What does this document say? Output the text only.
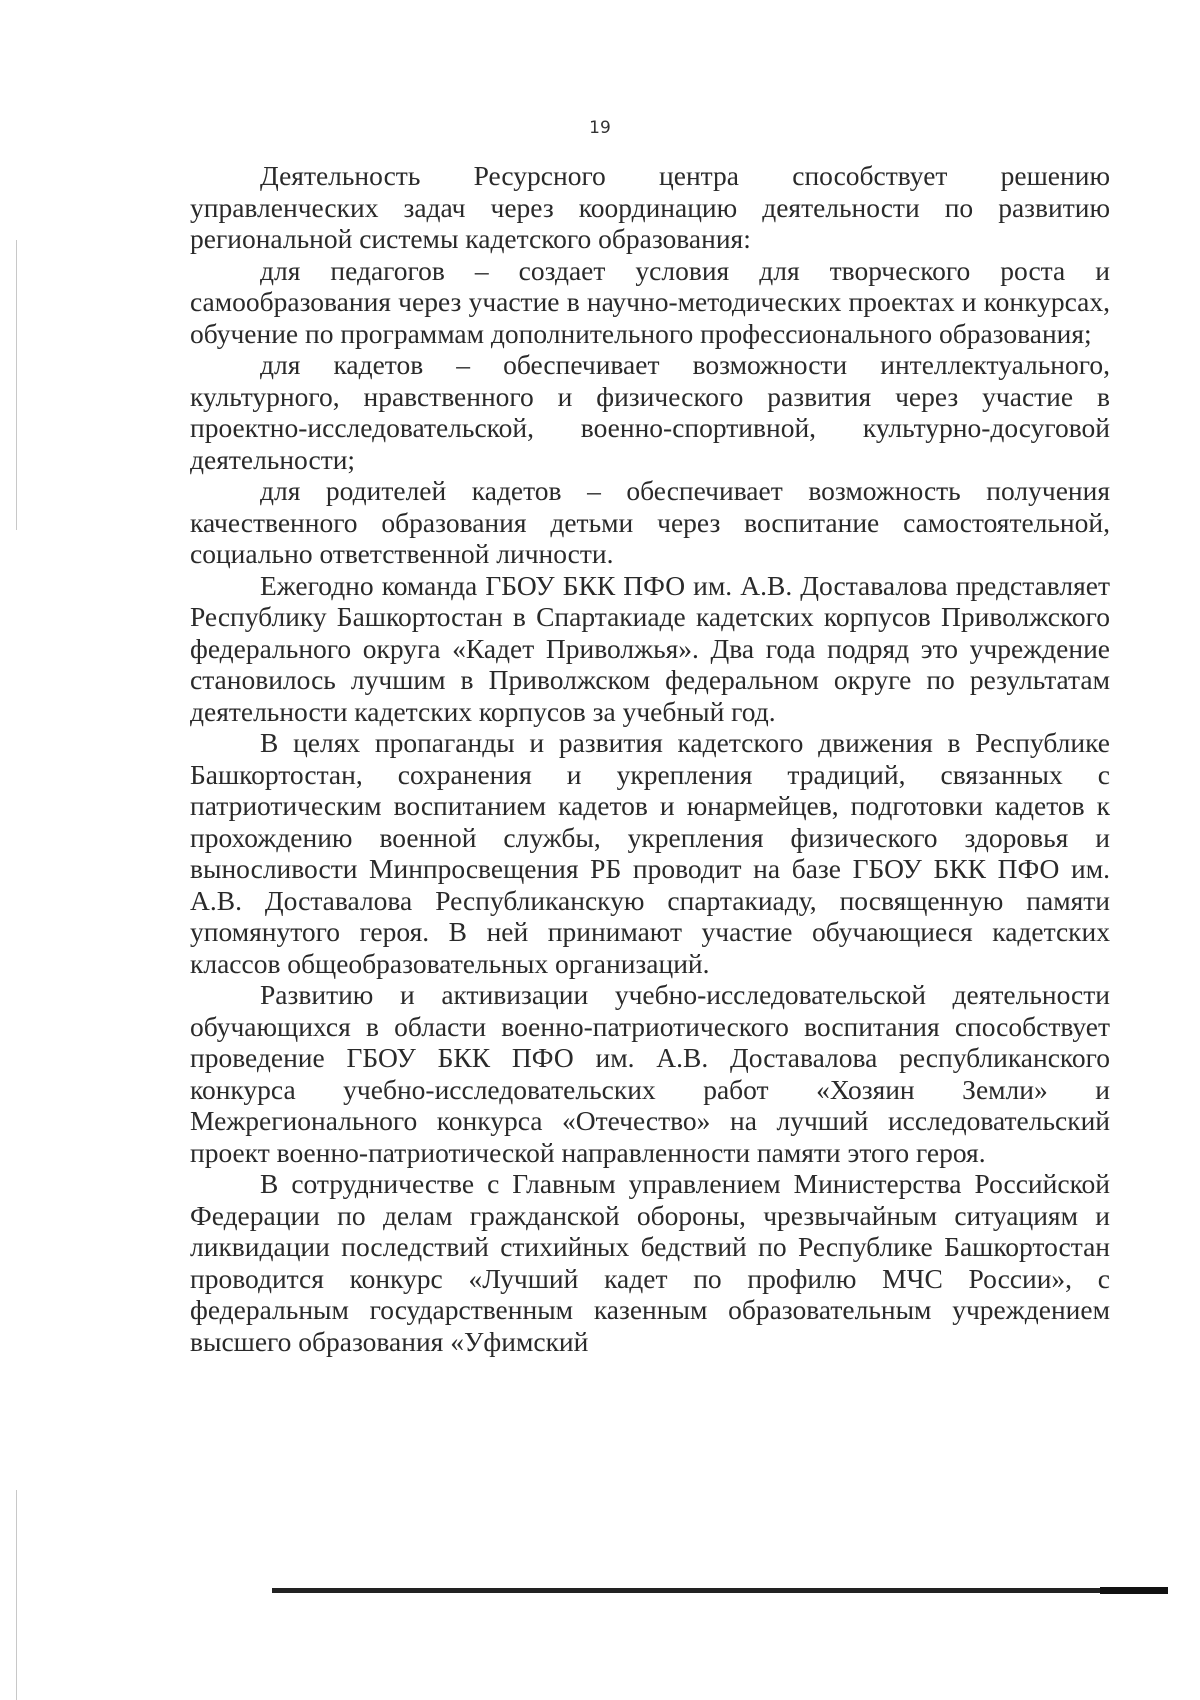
19

Деятельность Ресурсного центра способствует решению управленческих задач через координацию деятельности по развитию региональной системы кадетского образования:

для педагогов – создает условия для творческого роста и самообразования через участие в научно-методических проектах и конкурсах, обучение по программам дополнительного профессионального образования;

для кадетов – обеспечивает возможности интеллектуального, культурного, нравственного и физического развития через участие в проектно-исследовательской, военно-спортивной, культурно-досуговой деятельности;

для родителей кадетов – обеспечивает возможность получения качественного образования детьми через воспитание самостоятельной, социально ответственной личности.

Ежегодно команда ГБОУ БКК ПФО им. А.В. Доставалова представляет Республику Башкортостан в Спартакиаде кадетских корпусов Приволжского федерального округа «Кадет Приволжья». Два года подряд это учреждение становилось лучшим в Приволжском федеральном округе по результатам деятельности кадетских корпусов за учебный год.

В целях пропаганды и развития кадетского движения в Республике Башкортостан, сохранения и укрепления традиций, связанных с патриотическим воспитанием кадетов и юнармейцев, подготовки кадетов к прохождению военной службы, укрепления физического здоровья и выносливости Минпросвещения РБ проводит на базе ГБОУ БКК ПФО им. А.В. Доставалова Республиканскую спартакиаду, посвященную памяти упомянутого героя. В ней принимают участие обучающиеся кадетских классов общеобразовательных организаций.

Развитию и активизации учебно-исследовательской деятельности обучающихся в области военно-патриотического воспитания способствует проведение ГБОУ БКК ПФО им. А.В. Доставалова республиканского конкурса учебно-исследовательских работ «Хозяин Земли» и Межрегионального конкурса «Отечество» на лучший исследовательский проект военно-патриотической направленности памяти этого героя.

В сотрудничестве с Главным управлением Министерства Российской Федерации по делам гражданской обороны, чрезвычайным ситуациям и ликвидации последствий стихийных бедствий по Республике Башкортостан проводится конкурс «Лучший кадет по профилю МЧС России», с федеральным государственным казенным образовательным учреждением высшего образования «Уфимский
